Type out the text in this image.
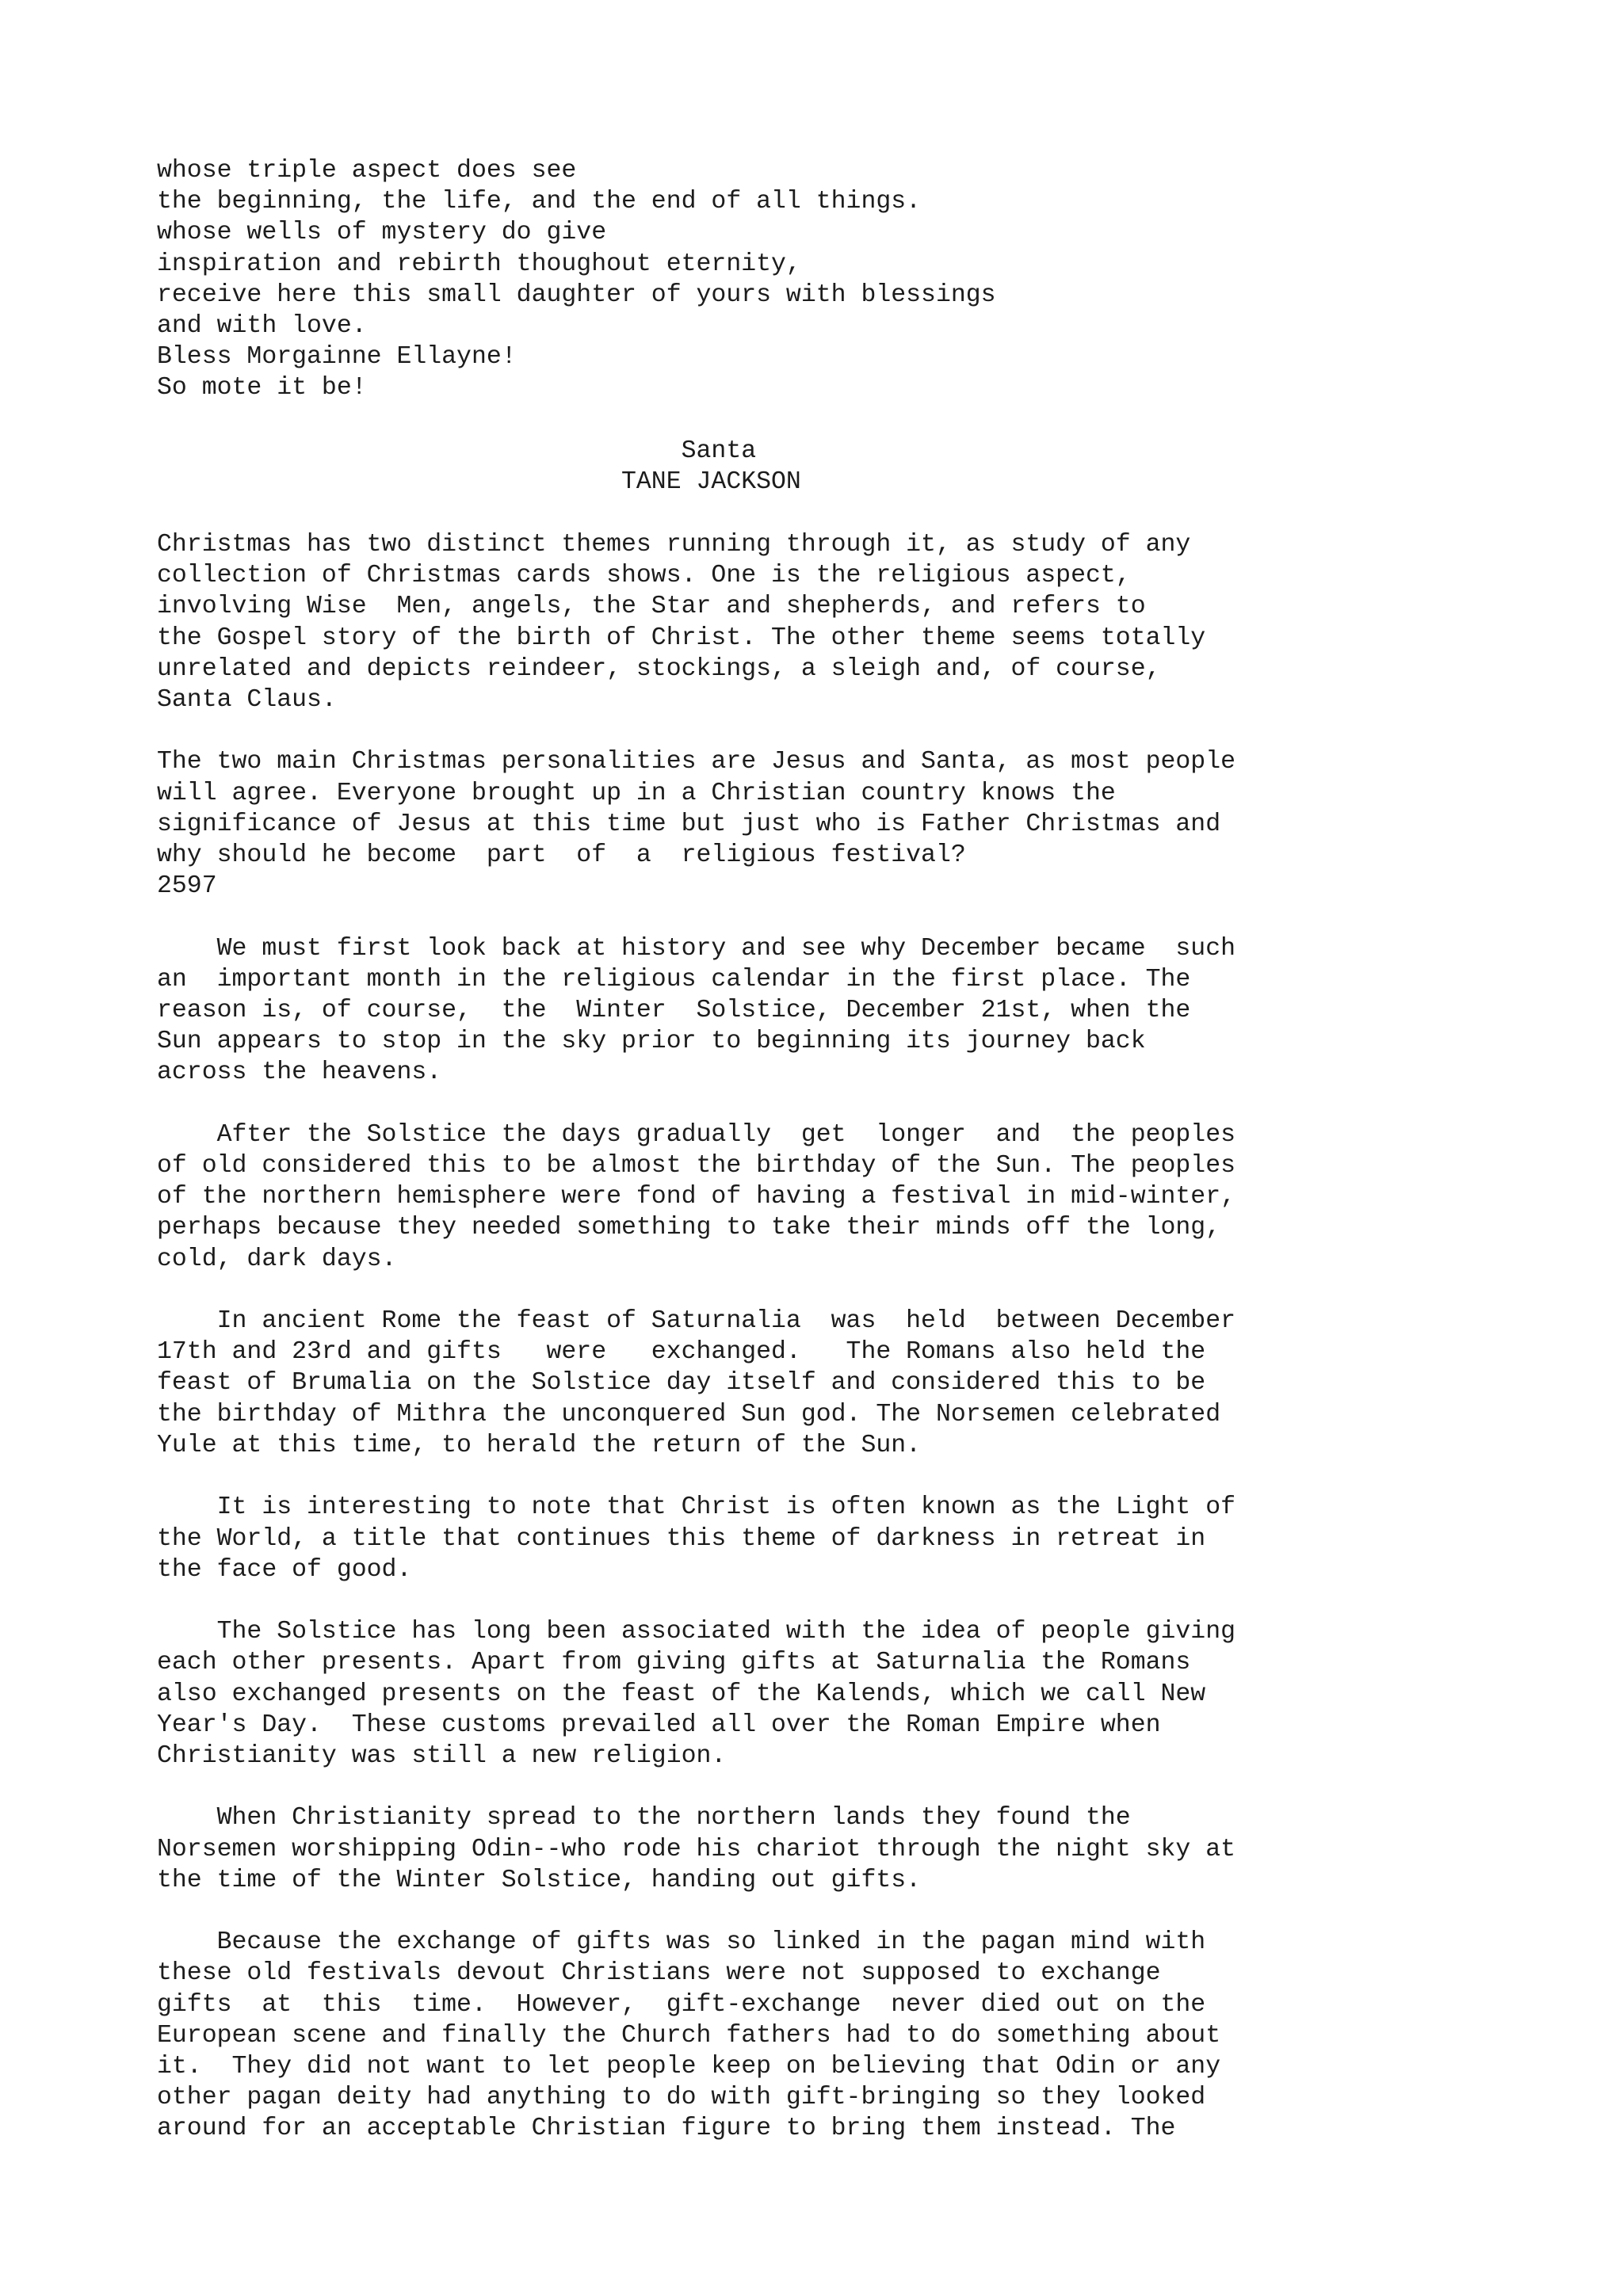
whose triple aspect does see
the beginning, the life, and the end of all things.
whose wells of mystery do give
inspiration and rebirth thoughout eternity,
receive here this small daughter of yours with blessings
and with love.
Bless Morgainne Ellayne!
So mote it be!
Santa
TANE JACKSON
Christmas has two distinct themes running through it, as study of any
collection of Christmas cards shows. One is the religious aspect,
involving Wise  Men, angels, the Star and shepherds, and refers to
the Gospel story of the birth of Christ. The other theme seems totally
unrelated and depicts reindeer, stockings, a sleigh and, of course,
Santa Claus.

The two main Christmas personalities are Jesus and Santa, as most people
will agree. Everyone brought up in a Christian country knows the
significance of Jesus at this time but just who is Father Christmas and
why should he become  part  of  a  religious festival?
2597

We must first look back at history and see why December became  such
an  important month in the religious calendar in the first place. The
reason is, of course,  the  Winter  Solstice, December 21st, when the
Sun appears to stop in the sky prior to beginning its journey back
across the heavens.

After the Solstice the days gradually  get  longer  and  the peoples
of old considered this to be almost the birthday of the Sun. The peoples
of the northern hemisphere were fond of having a festival in mid-winter,
perhaps because they needed something to take their minds off the long,
cold, dark days.

In ancient Rome the feast of Saturnalia  was  held  between December
17th and 23rd and gifts   were   exchanged.   The Romans also held the
feast of Brumalia on the Solstice day itself and considered this to be
the birthday of Mithra the unconquered Sun god. The Norsemen celebrated
Yule at this time, to herald the return of the Sun.

It is interesting to note that Christ is often known as the Light of
the World, a title that continues this theme of darkness in retreat in
the face of good.

The Solstice has long been associated with the idea of people giving
each other presents. Apart from giving gifts at Saturnalia the Romans
also exchanged presents on the feast of the Kalends, which we call New
Year's Day.  These customs prevailed all over the Roman Empire when
Christianity was still a new religion.

When Christianity spread to the northern lands they found the
Norsemen worshipping Odin--who rode his chariot through the night sky at
the time of the Winter Solstice, handing out gifts.

Because the exchange of gifts was so linked in the pagan mind with
these old festivals devout Christians were not supposed to exchange
gifts  at  this  time.  However,  gift-exchange  never died out on the
European scene and finally the Church fathers had to do something about
it.  They did not want to let people keep on believing that Odin or any
other pagan deity had anything to do with gift-bringing so they looked
around for an acceptable Christian figure to bring them instead. The
